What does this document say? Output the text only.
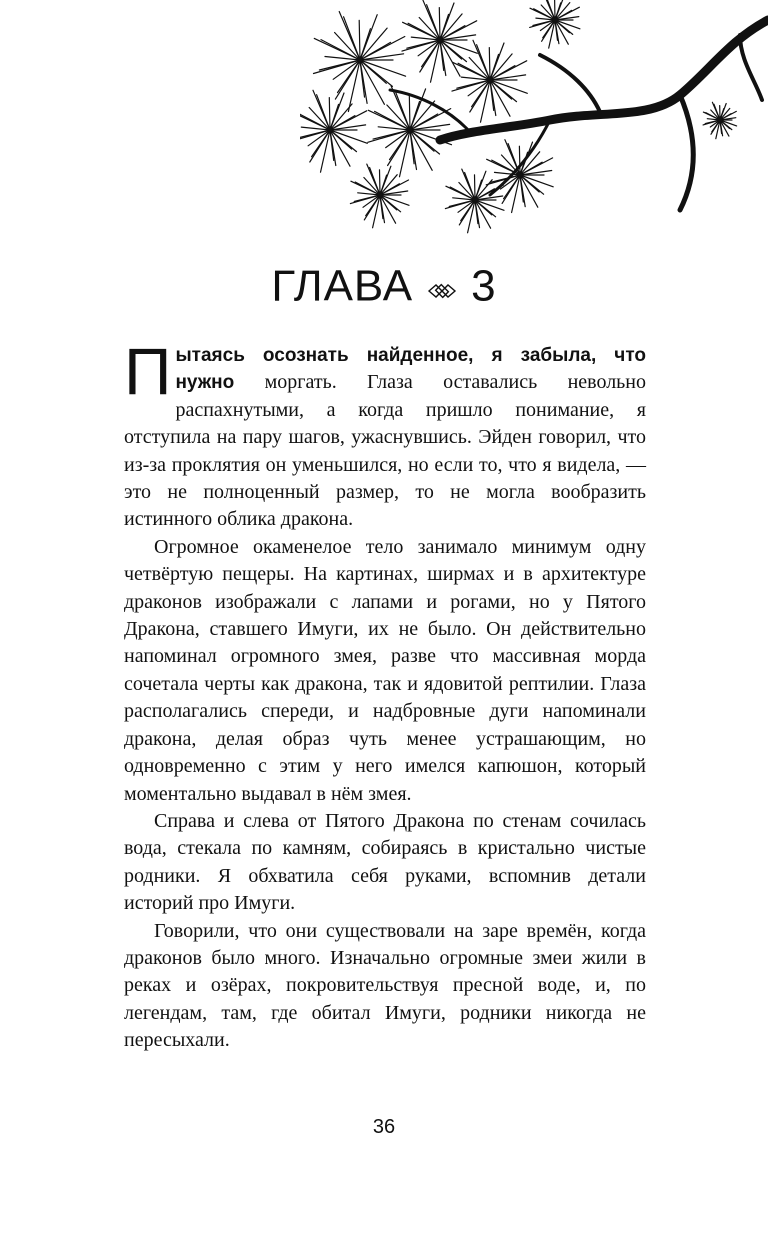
ГЛАВА 3

Пытаясь осознать найденное, я забыла, что нужно моргать. Глаза оставались невольно распахнутыми, а когда пришло понимание, я отступила на пару шагов, ужаснувшись. Эйден говорил, что из-за проклятия он уменьшился, но если то, что я видела, — это не полноценный размер, то не могла вообразить истинного облика дракона.

Огромное окаменелое тело занимало минимум одну четвёртую пещеры. На картинах, ширмах и в архитектуре драконов изображали с лапами и рогами, но у Пятого Дракона, ставшего Имуги, их не было. Он действительно напоминал огромного змея, разве что массивная морда сочетала черты как дракона, так и ядовитой рептилии. Глаза располагались спереди, и надбровные дуги напоминали дракона, делая образ чуть менее устрашающим, но одновременно с этим у него имелся капюшон, который моментально выдавал в нём змея.

Справа и слева от Пятого Дракона по стенам сочилась вода, стекала по камням, собираясь в кристально чистые родники. Я обхватила себя руками, вспомнив детали историй про Имуги.

Говорили, что они существовали на заре времён, когда драконов было много. Изначально огромные змеи жили в реках и озёрах, покровительствуя пресной воде, и, по легендам, там, где обитал Имуги, родники никогда не пересыхали.

36
